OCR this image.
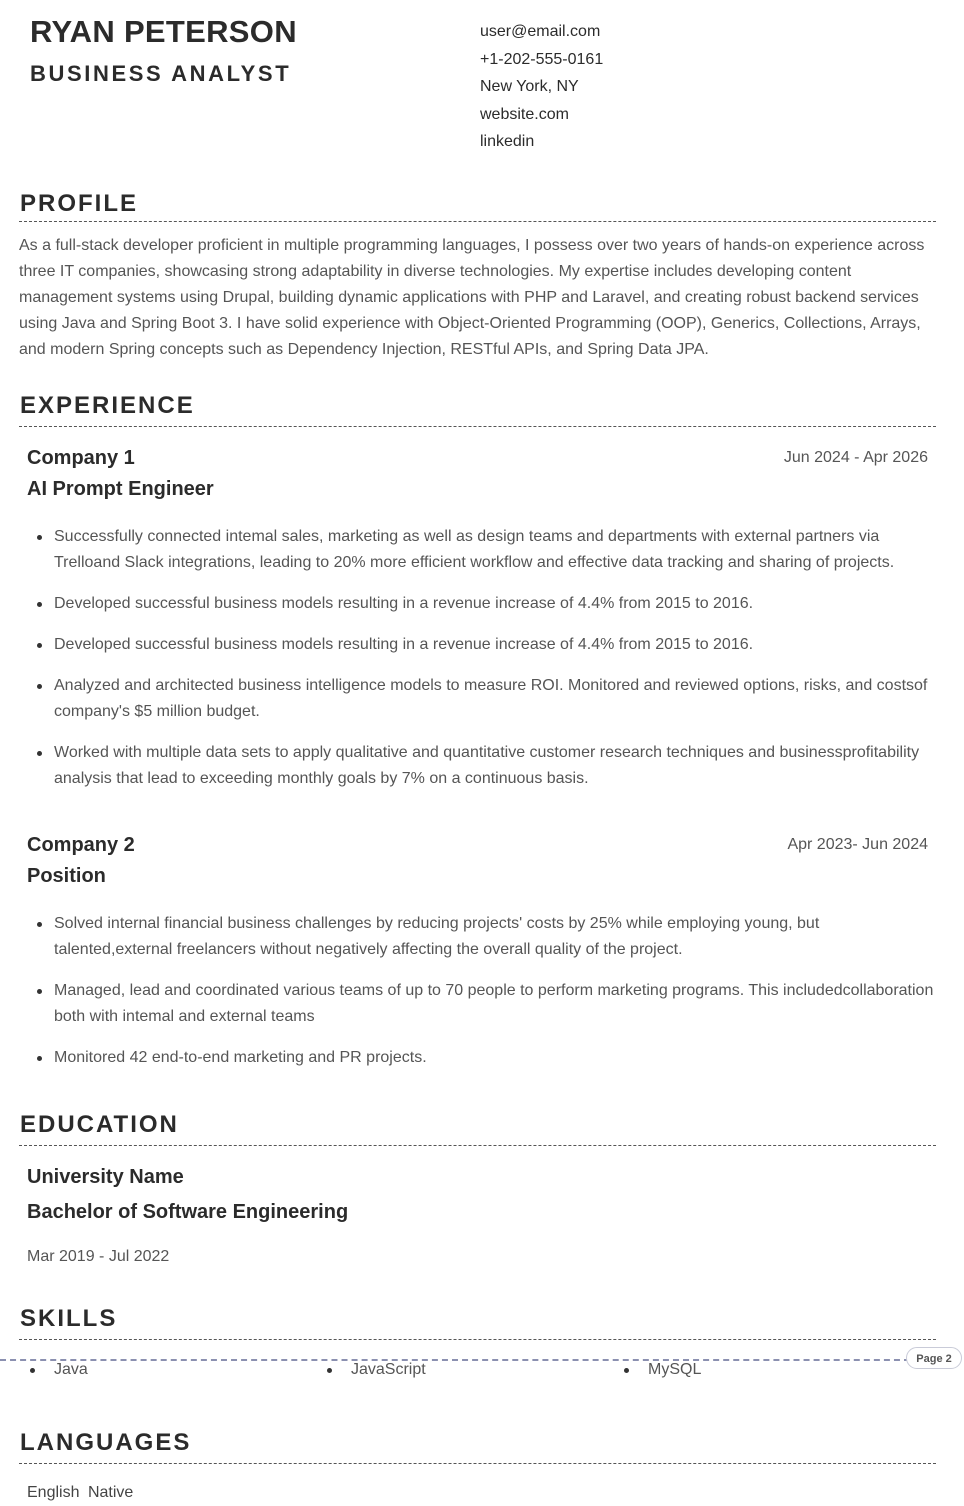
RYAN PETERSON
BUSINESS ANALYST
user@email.com
+1-202-555-0161
New York, NY
website.com
linkedin
PROFILE

As a full-stack developer proficient in multiple programming languages, I possess over two years of hands-on experience across three IT companies, showcasing strong adaptability in diverse technologies. My expertise includes developing content management systems using Drupal, building dynamic applications with PHP and Laravel, and creating robust backend services using Java and Spring Boot 3. I have solid experience with Object-Oriented Programming (OOP), Generics, Collections, Arrays, and modern Spring concepts such as Dependency Injection, RESTful APIs, and Spring Data JPA.

EXPERIENCE
Company 1	Jun 2024 - Apr 2026
AI Prompt Engineer
Successfully connected intemal sales, marketing as well as design teams and departments with external partners via Trelloand Slack integrations, leading to 20% more efficient workflow and effective data tracking and sharing of projects.
Developed successful business models resulting in a revenue increase of 4.4% from 2015 to 2016.
Developed successful business models resulting in a revenue increase of 4.4% from 2015 to 2016.
Analyzed and architected business intelligence models to measure ROI. Monitored and reviewed options, risks, and costsof company's $5 million budget.
Worked with multiple data sets to apply qualitative and quantitative customer research techniques and businessprofitability analysis that lead to exceeding monthly goals by 7% on a continuous basis.
Company 2	Apr 2023- Jun 2024
Position
Solved internal financial business challenges by reducing projects' costs by 25% while employing young, but talented,external freelancers without negatively affecting the overall quality of the project.
Managed, lead and coordinated various teams of up to 70 people to perform marketing programs. This includedcollaboration both with intemal and external teams
Monitored 42 end-to-end marketing and PR projects.
EDUCATION
University Name
Bachelor of Software Engineering
Mar 2019 - Jul 2022
SKILLS
Page 2
Java	JavaScript	MySQL
LANGUAGES
English Native
